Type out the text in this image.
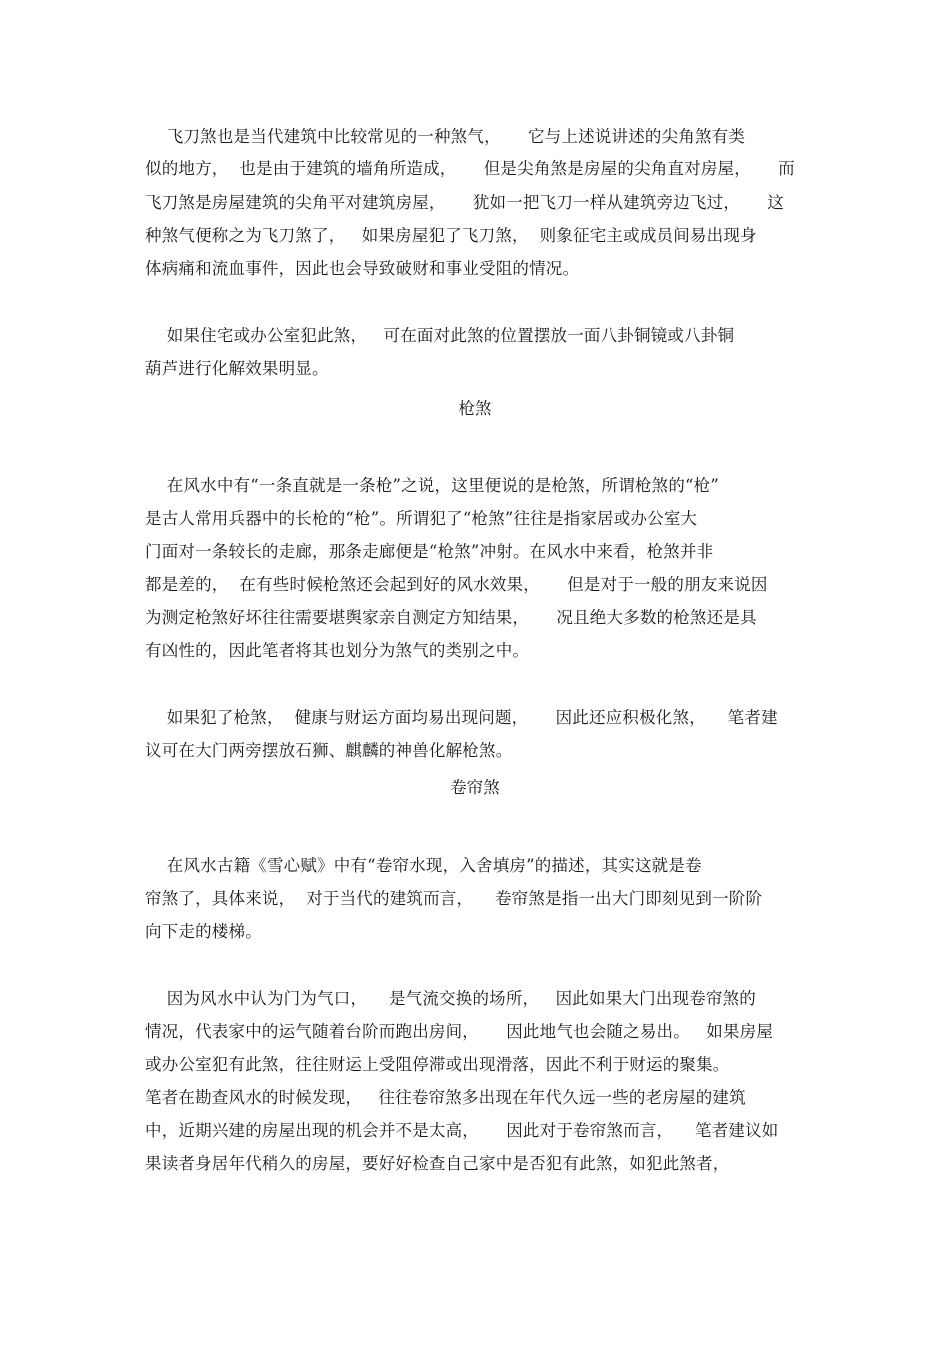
飞刀煞也是当代建筑中比较常见的一种煞气，     它与上述说讲述的尖角煞有类
似的地方，  也是由于建筑的墙角所造成，     但是尖角煞是房屋的尖角直对房屋，     而
飞刀煞是房屋建筑的尖角平对建筑房屋，     犹如一把飞刀一样从建筑旁边飞过，     这
种煞气便称之为飞刀煞了，   如果房屋犯了飞刀煞，  则象征宅主或成员间易出现身
体病痛和流血事件，因此也会导致破财和事业受阻的情况。
如果住宅或办公室犯此煞，   可在面对此煞的位置摆放一面八卦铜镜或八卦铜
葫芦进行化解效果明显。
枪煞
在风水中有“一条直就是一条枪”之说，这里便说的是枪煞，所谓枪煞的“枪”
是古人常用兵器中的长枪的“枪”。所谓犯了“枪煞”往往是指家居或办公室大
门面对一条较长的走廊，那条走廊便是“枪煞”冲射。在风水中来看，枪煞并非
都是差的，  在有些时候枪煞还会起到好的风水效果，     但是对于一般的朋友来说因
为测定枪煞好坏往往需要堪舆家亲自测定方知结果，     况且绝大多数的枪煞还是具
有凶性的，因此笔者将其也划分为煞气的类别之中。
如果犯了枪煞，  健康与财运方面均易出现问题，     因此还应积极化煞，    笔者建
议可在大门两旁摆放石狮、麒麟的神兽化解枪煞。
卷帘煞
在风水古籍《雪心赋》中有“卷帘水现，入舍填房”的描述，其实这就是卷
帘煞了，具体来说，  对于当代的建筑而言，    卷帘煞是指一出大门即刻见到一阶阶
向下走的楼梯。
因为风水中认为门为气口，    是气流交换的场所，   因此如果大门出现卷帘煞的
情况，代表家中的运气随着台阶而跑出房间，     因此地气也会随之易出。   如果房屋
或办公室犯有此煞，往往财运上受阻停滞或出现滑落，因此不利于财运的聚集。
笔者在勘查风水的时候发现，   往往卷帘煞多出现在年代久远一些的老房屋的建筑
中，近期兴建的房屋出现的机会并不是太高，     因此对于卷帘煞而言，    笔者建议如
果读者身居年代稍久的房屋，要好好检查自己家中是否犯有此煞，如犯此煞者，
